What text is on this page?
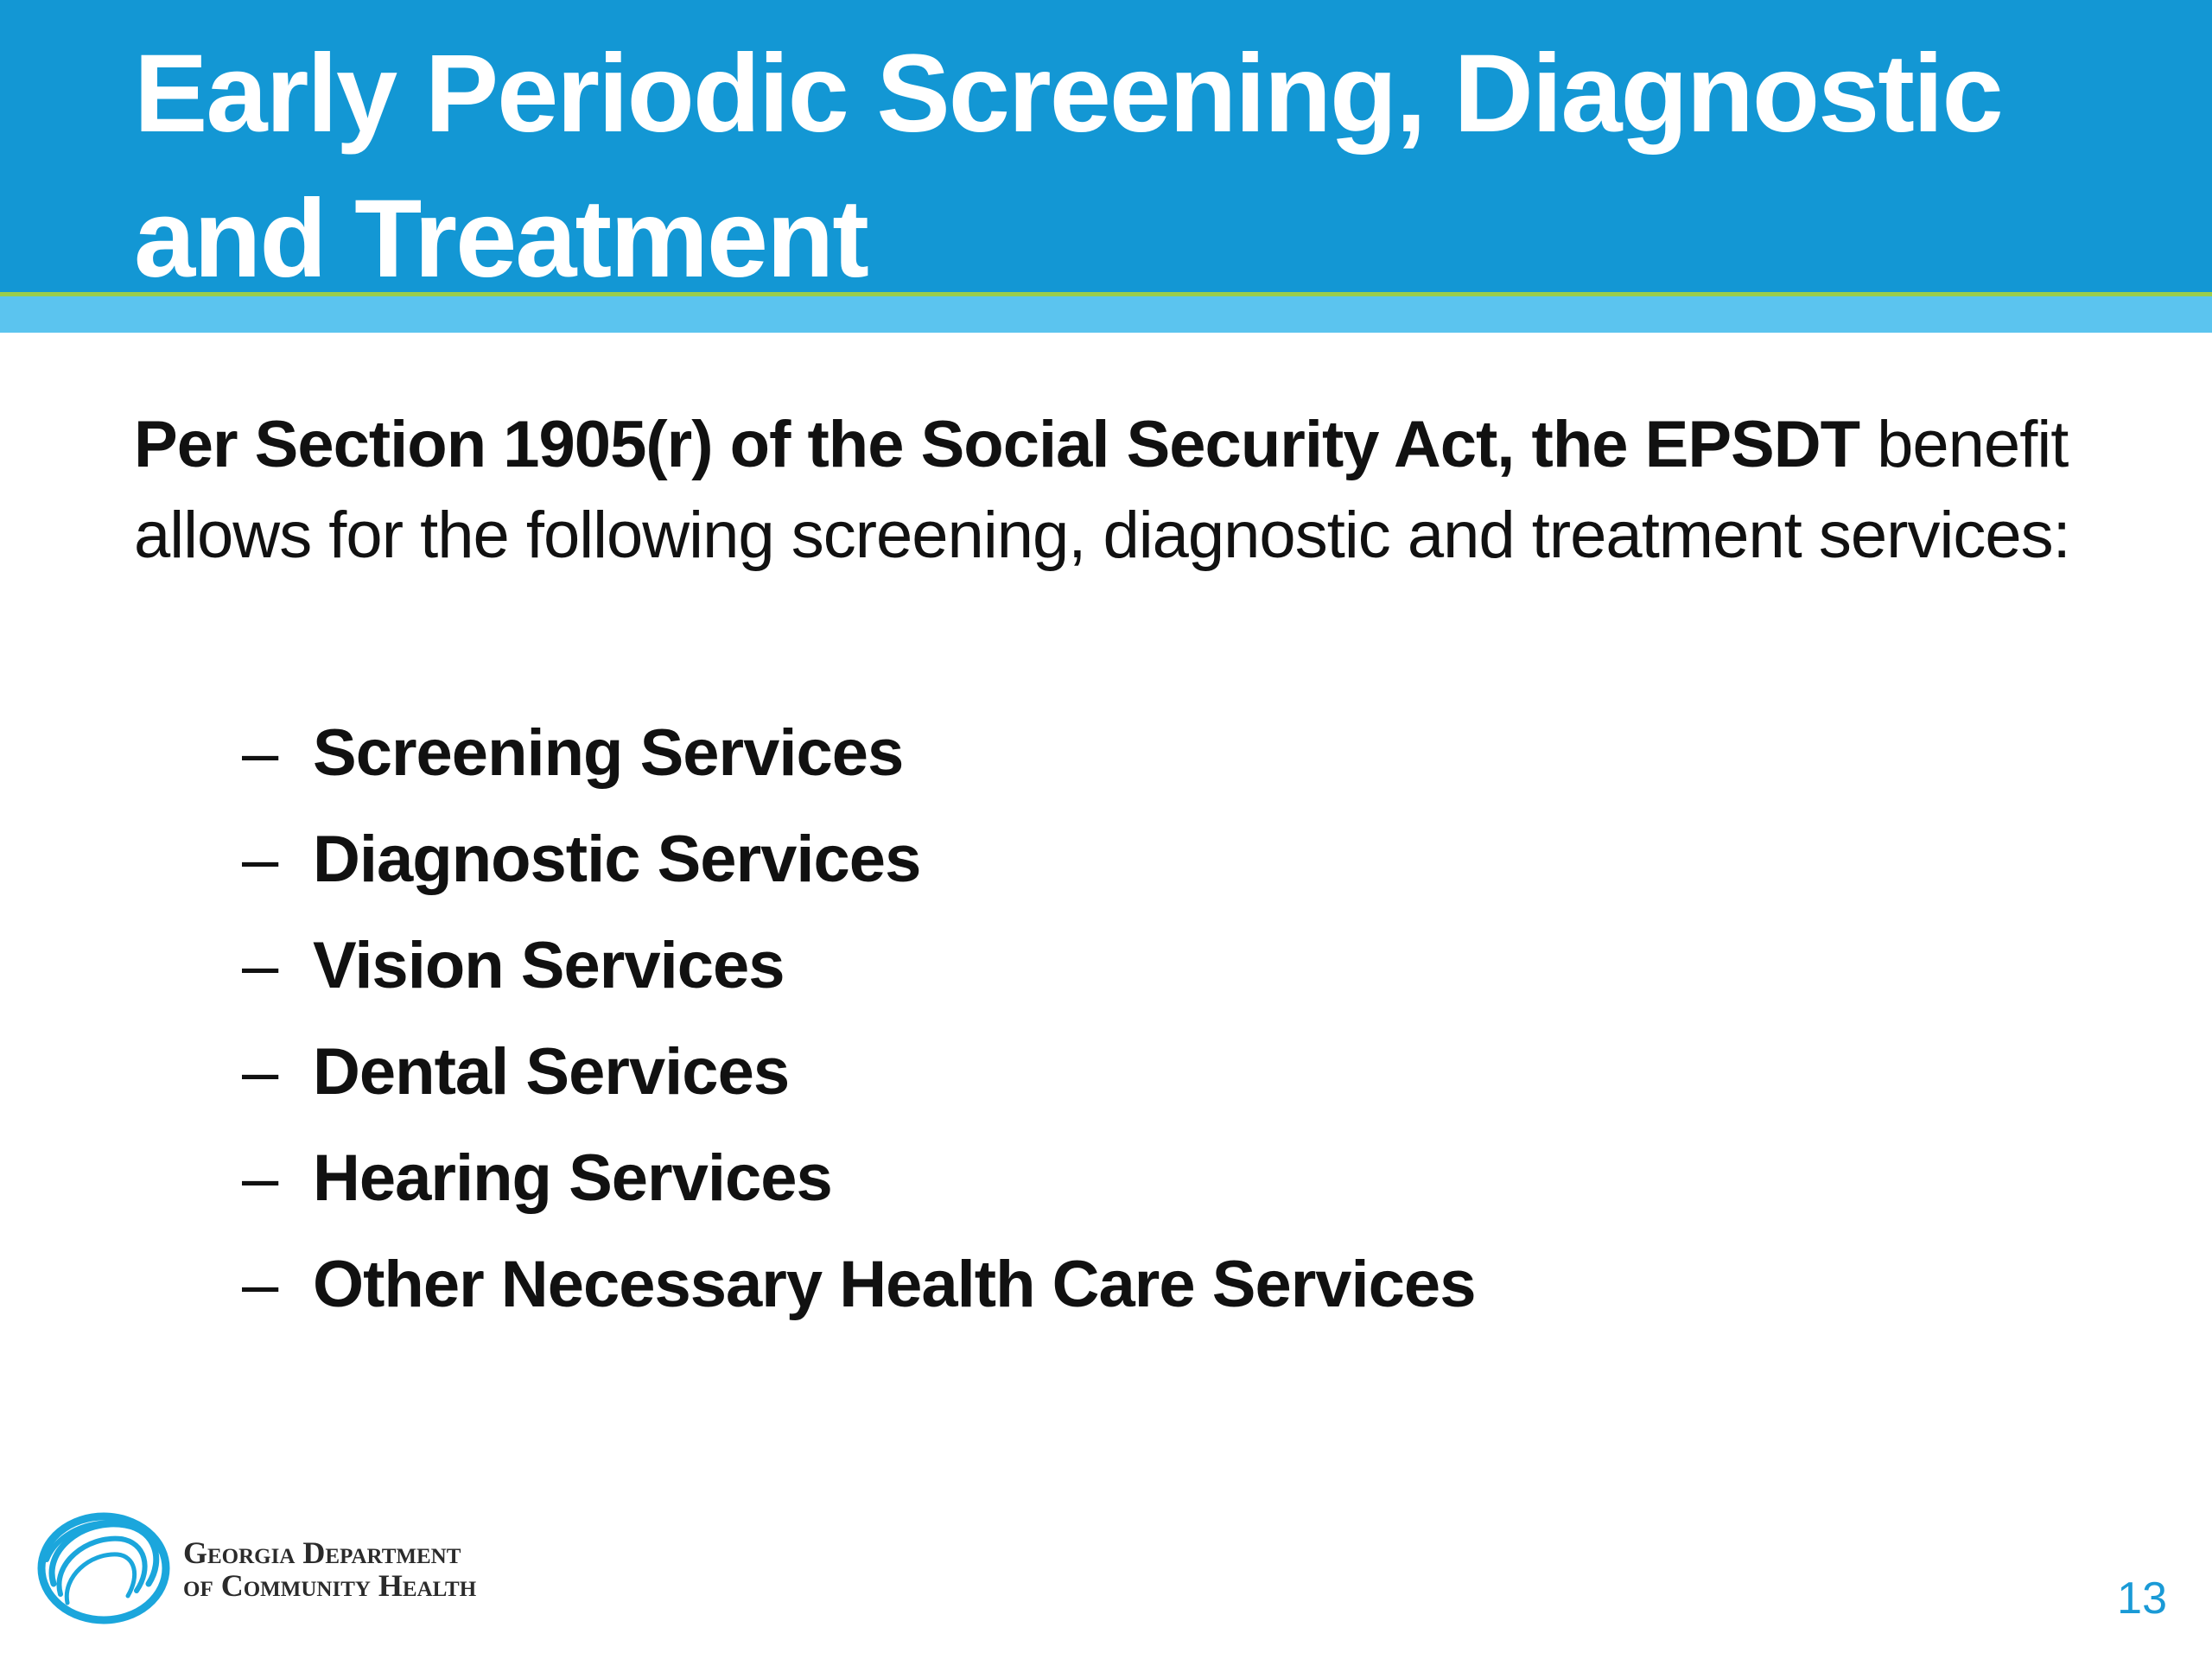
Early Periodic Screening, Diagnostic and Treatment

Per Section 1905(r) of the Social Security Act, the EPSDT benefit allows for the following screening, diagnostic and treatment services:

– Screening Services
– Diagnostic Services
– Vision Services
– Dental Services
– Hearing Services
– Other Necessary Health Care Services
Georgia Department
of Community Health	13
